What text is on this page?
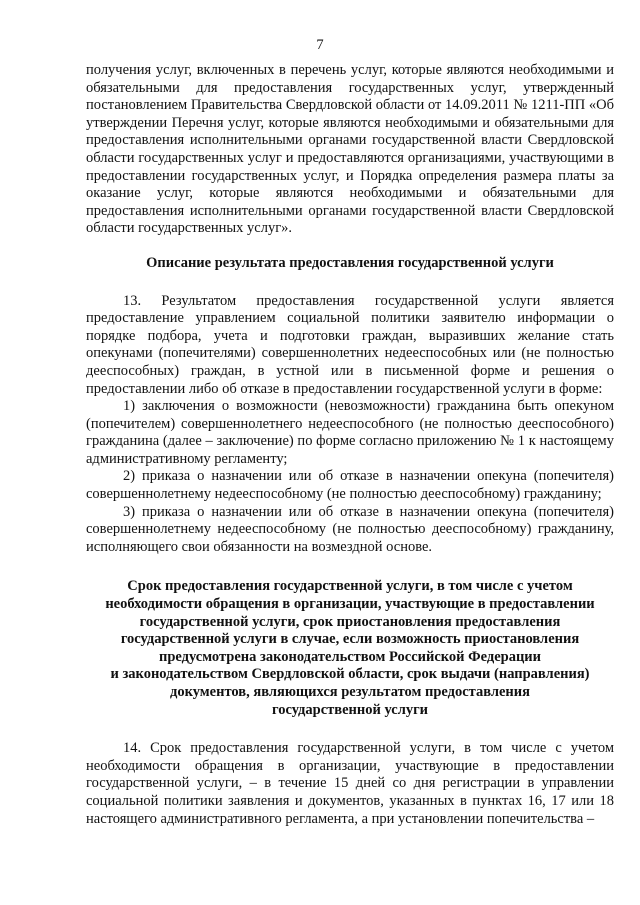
7

получения услуг, включенных в перечень услуг, которые являются необходимыми и обязательными для предоставления государственных услуг, утвержденный постановлением Правительства Свердловской области от 14.09.2011 № 1211-ПП «Об утверждении Перечня услуг, которые являются необходимыми и обязательными для предоставления исполнительными органами государственной власти Свердловской области государственных услуг и предоставляются организациями, участвующими в предоставлении государственных услуг, и Порядка определения размера платы за оказание услуг, которые являются необходимыми и обязательными для предоставления исполнительными органами государственной власти Свердловской области государственных услуг».

Описание результата предоставления государственной услуги

13. Результатом предоставления государственной услуги является предоставление управлением социальной политики заявителю информации о порядке подбора, учета и подготовки граждан, выразивших желание стать опекунами (попечителями) совершеннолетних недееспособных или (не полностью дееспособных) граждан, в устной или в письменной форме и решения о предоставлении либо об отказе в предоставлении государственной услуги в форме:

1) заключения о возможности (невозможности) гражданина быть опекуном (попечителем) совершеннолетнего недееспособного (не полностью дееспособного) гражданина (далее – заключение) по форме согласно приложению № 1 к настоящему административному регламенту;

2) приказа о назначении или об отказе в назначении опекуна (попечителя) совершеннолетнему недееспособному (не полностью дееспособному) гражданину;

3) приказа о назначении или об отказе в назначении опекуна (попечителя) совершеннолетнему недееспособному (не полностью дееспособному) гражданину, исполняющего свои обязанности на возмездной основе.

Срок предоставления государственной услуги, в том числе с учетом
необходимости обращения в организации, участвующие в предоставлении
государственной услуги, срок приостановления предоставления
государственной услуги в случае, если возможность приостановления
предусмотрена законодательством Российской Федерации
и законодательством Свердловской области, срок выдачи (направления)
документов, являющихся результатом предоставления
государственной услуги

14. Срок предоставления государственной услуги, в том числе с учетом необходимости обращения в организации, участвующие в предоставлении государственной услуги, – в течение 15 дней со дня регистрации в управлении социальной политики заявления и документов, указанных в пунктах 16, 17 или 18 настоящего административного регламента, а при установлении попечительства –
